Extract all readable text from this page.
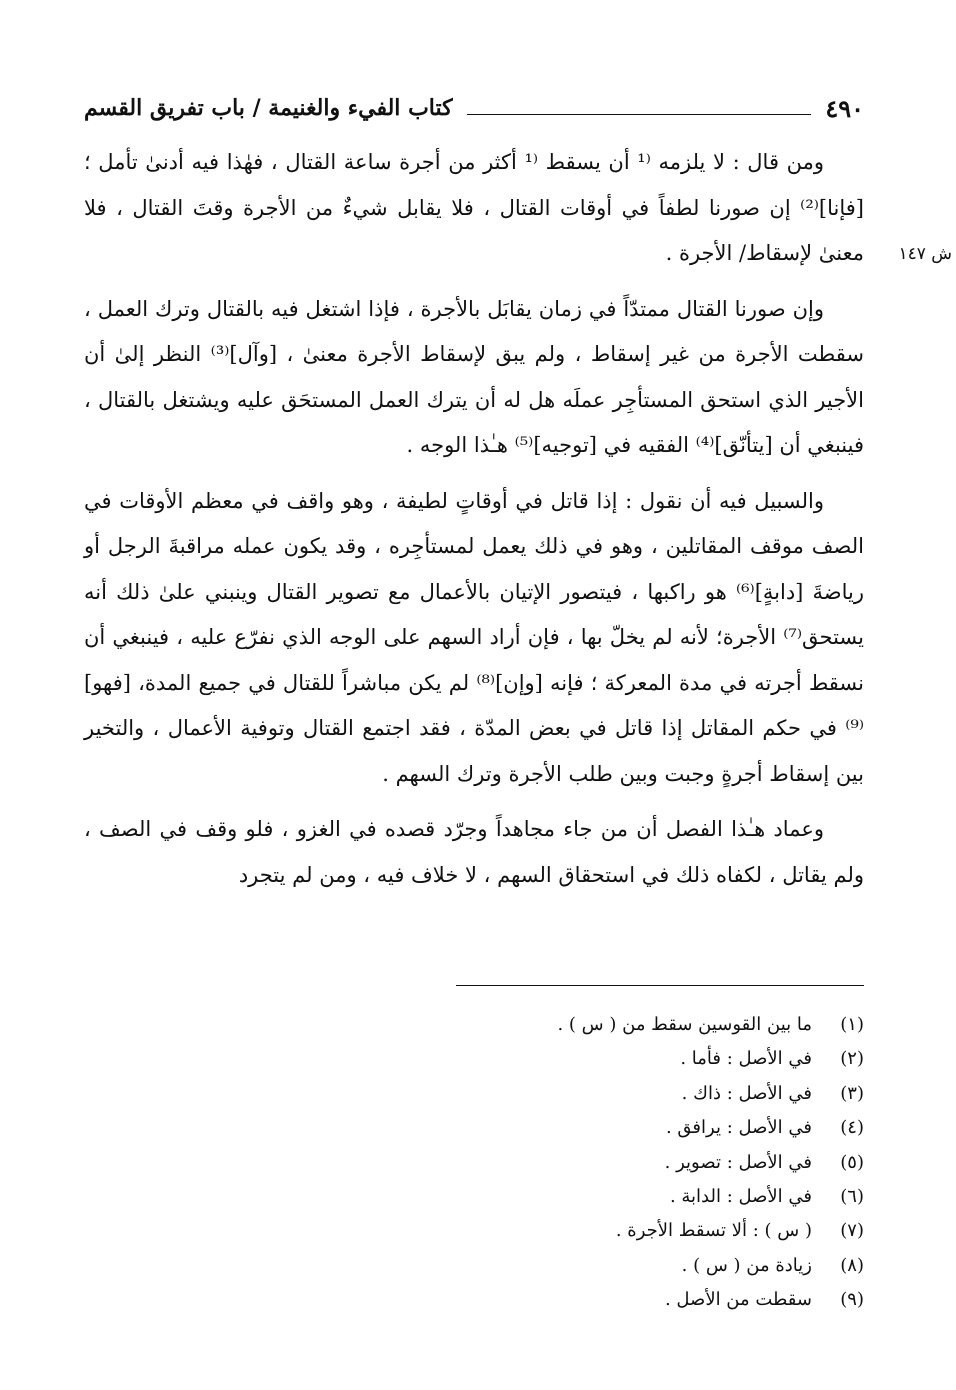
٤٩٠
كتاب الفيء والغنيمة / باب تفريق القسم
ش ١٤٧

ومن قال : لا يلزمه ⁽¹ أن يسقط ⁽¹ أكثر من أجرة ساعة القتال ، فهٰذا فيه أدنىٰ تأمل ؛ [فإنا]⁽²⁾ إن صورنا لطفاً في أوقات القتال ، فلا يقابل شيءٌ من الأجرة وقتَ القتال ، فلا معنىٰ لإسقاط/ الأجرة .

وإن صورنا القتال ممتدّاً في زمان يقابَل بالأجرة ، فإذا اشتغل فيه بالقتال وترك العمل ، سقطت الأجرة من غير إسقاط ، ولم يبق لإسقاط الأجرة معنىٰ ، [وآل]⁽³⁾ النظر إلىٰ أن الأجير الذي استحق المستأجِر عملَه هل له أن يترك العمل المستحَق عليه ويشتغل بالقتال ، فينبغي أن [يتأنّق]⁽⁴⁾ الفقيه في [توجيه]⁽⁵⁾ هـٰذا الوجه .

والسبيل فيه أن نقول : إذا قاتل في أوقاتٍ لطيفة ، وهو واقف في معظم الأوقات في الصف موقف المقاتلين ، وهو في ذلك يعمل لمستأجِره ، وقد يكون عمله مراقبةَ الرجل أو رياضةَ [دابةٍ]⁽⁶⁾ هو راكبها ، فيتصور الإتيان بالأعمال مع تصوير القتال وينبني علىٰ ذلك أنه يستحق⁽⁷⁾ الأجرة؛ لأنه لم يخلّ بها ، فإن أراد السهم على الوجه الذي نفرّع عليه ، فينبغي أن نسقط أجرته في مدة المعركة ؛ فإنه [وإن]⁽⁸⁾ لم يكن مباشراً للقتال في جميع المدة، [فهو]⁽⁹⁾ في حكم المقاتل إذا قاتل في بعض المدّة ، فقد اجتمع القتال وتوفية الأعمال ، والتخير بين إسقاط أجرةٍ وجبت وبين طلب الأجرة وترك السهم .

وعماد هـٰذا الفصل أن من جاء مجاهداً وجرّد قصده في الغزو ، فلو وقف في الصف ، ولم يقاتل ، لكفاه ذلك في استحقاق السهم ، لا خلاف فيه ، ومن لم يتجرد

(١)
ما بين القوسين سقط من ( س ) .
(٢)
في الأصل : فأما .
(٣)
في الأصل : ذاك .
(٤)
في الأصل : يرافق .
(٥)
في الأصل : تصوير .
(٦)
في الأصل : الدابة .
(٧)
( س ) : ألا تسقط الأجرة .
(٨)
زيادة من ( س ) .
(٩)
سقطت من الأصل .
